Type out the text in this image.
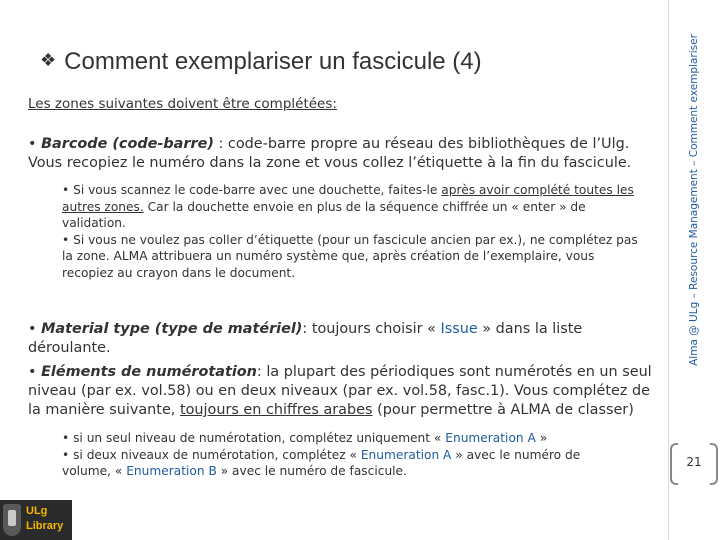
❖ Comment exemplariser un fascicule (4)
Les zones suivantes doivent être complétées:
• Barcode (code-barre) : code-barre propre au réseau des bibliothèques de l’Ulg. Vous recopiez le numéro dans la zone et vous collez l’étiquette à la fin du fascicule.
• Si vous scannez le code-barre avec une douchette, faites-le après avoir complété toutes les autres zones. Car la douchette envoie en plus de la séquence chiffrée un « enter » de validation.
• Si vous ne voulez pas coller d’étiquette (pour un fascicule ancien par ex.), ne complétez pas la zone. ALMA attribuera un numéro système que, après création de l’exemplaire, vous recopiez au crayon dans le document.
• Material type (type de matériel): toujours choisir « Issue » dans la liste déroulante.
• Eléments de numérotation: la plupart des périodiques sont numérotés en un seul niveau (par ex. vol.58) ou en deux niveaux (par ex. vol.58, fasc.1). Vous complétez de la manière suivante, toujours en chiffres arabes (pour permettre à ALMA de classer)
• si un seul niveau de numérotation, complétez uniquement « Enumeration A »
• si deux niveaux de numérotation, complétez « Enumeration A » avec le numéro de volume, « Enumeration B » avec le numéro de fascicule.
Alma @ ULg – Resource Management – Comment exemplariser
21
ULg
Library
